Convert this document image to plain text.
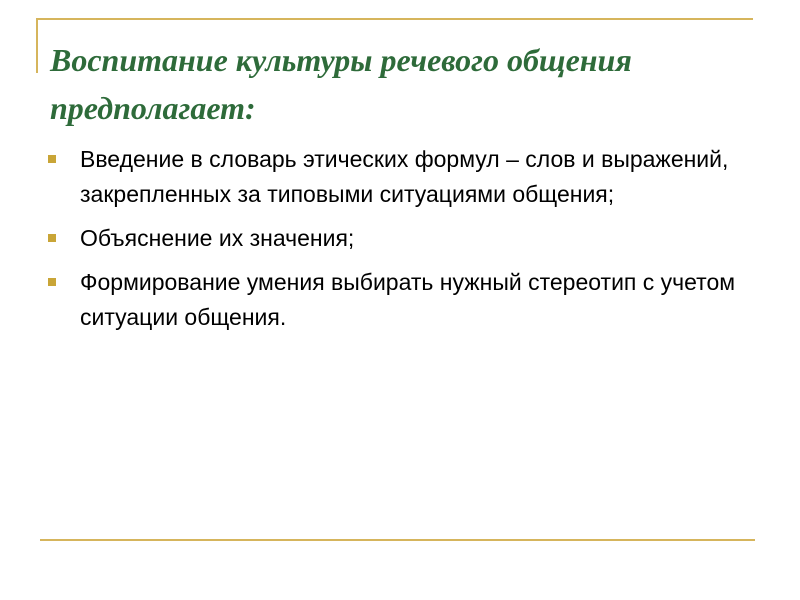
Воспитание культуры речевого общения предполагает:
Введение в словарь этических формул – слов и выражений, закрепленных за типовыми ситуациями общения;
Объяснение их значения;
Формирование умения выбирать нужный стереотип с учетом ситуации общения.
